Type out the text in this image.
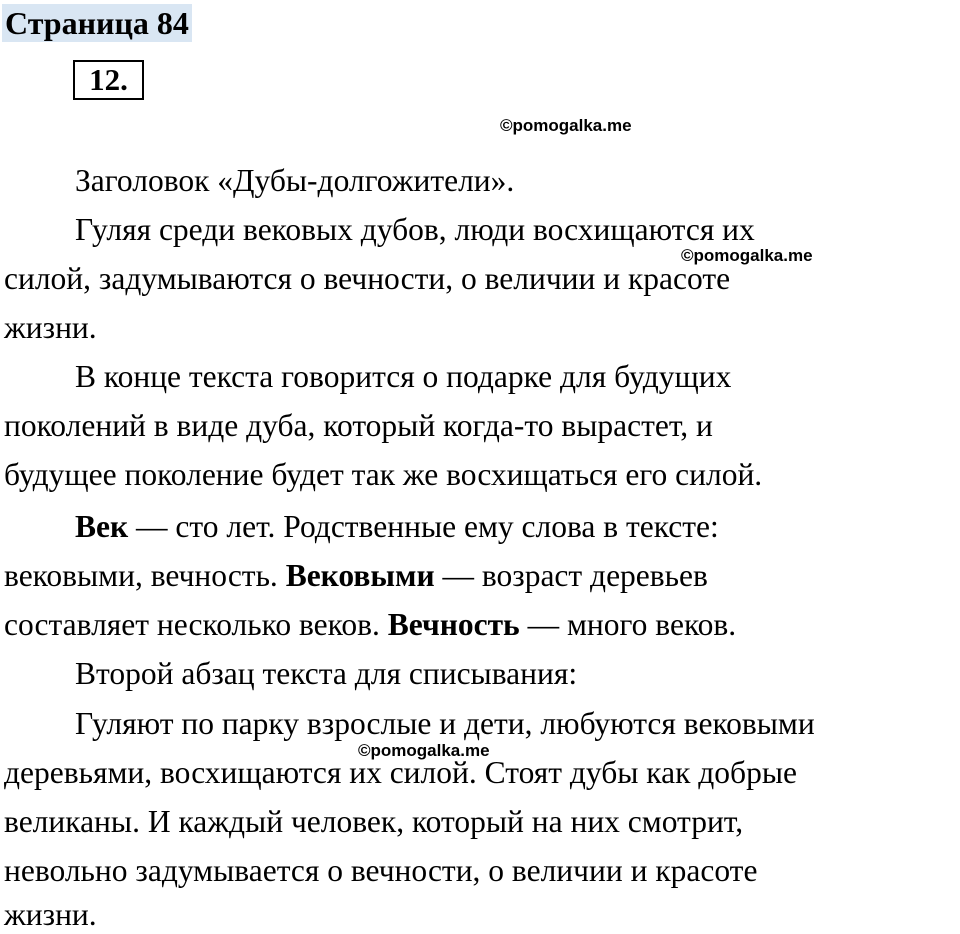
Страница 84
12.
©pomogalka.me
Заголовок «Дубы-долгожители».
Гуляя среди вековых дубов, люди восхищаются их
силой, задумываются о вечности, о величии и красоте
жизни.
©pomogalka.me
В конце текста говорится о подарке для будущих
поколений в виде дуба, который когда-то вырастет, и
будущее поколение будет так же восхищаться его силой.
Век — сто лет. Родственные ему слова в тексте:
вековыми, вечность. Вековыми — возраст деревьев
составляет несколько веков. Вечность — много веков.
Второй абзац текста для списывания:
Гуляют по парку взрослые и дети, любуются вековыми
©pomogalka.me
деревьями, восхищаются их силой. Стоят дубы как добрые
великаны. И каждый человек, который на них смотрит,
невольно задумывается о вечности, о величии и красоте
жизни.
